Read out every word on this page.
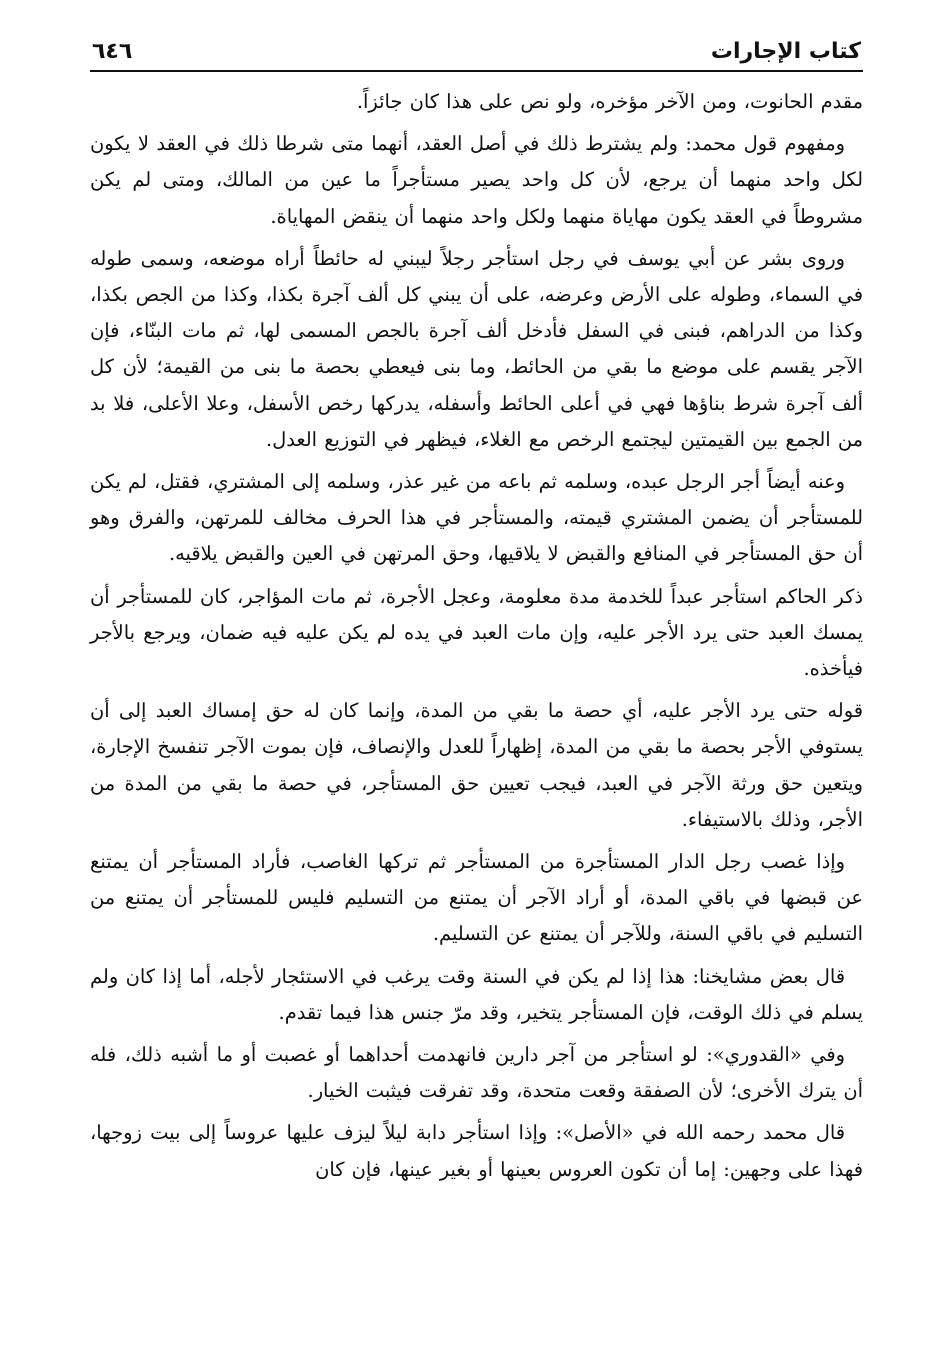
كتاب الإجارات
٦٤٦

مقدم الحانوت، ومن الآخر مؤخره، ولو نص على هذا كان جائزاً.

ومفهوم قول محمد: ولم يشترط ذلك في أصل العقد، أنهما متى شرطا ذلك في العقد لا يكون لكل واحد منهما أن يرجع، لأن كل واحد يصير مستأجراً ما عين من المالك، ومتى لم يكن مشروطاً في العقد يكون مهاياة منهما ولكل واحد منهما أن ينقض المهاياة.

وروى بشر عن أبي يوسف في رجل استأجر رجلاً ليبني له حائطاً أراه موضعه، وسمى طوله في السماء، وطوله على الأرض وعرضه، على أن يبني كل ألف آجرة بكذا، وكذا من الجص بكذا، وكذا من الدراهم، فبنى في السفل فأدخل ألف آجرة بالجص المسمى لها، ثم مات البنّاء، فإن الآجر يقسم على موضع ما بقي من الحائط، وما بنى فيعطي بحصة ما بنى من القيمة؛ لأن كل ألف آجرة شرط بناؤها فهي في أعلى الحائط وأسفله، يدركها رخص الأسفل، وعلا الأعلى، فلا بد من الجمع بين القيمتين ليجتمع الرخص مع الغلاء، فيظهر في التوزيع العدل.

وعنه أيضاً أجر الرجل عبده، وسلمه ثم باعه من غير عذر، وسلمه إلى المشتري، فقتل، لم يكن للمستأجر أن يضمن المشتري قيمته، والمستأجر في هذا الحرف مخالف للمرتهن، والفرق وهو أن حق المستأجر في المنافع والقبض لا يلاقيها، وحق المرتهن في العين والقبض يلاقيه.

ذكر الحاكم استأجر عبداً للخدمة مدة معلومة، وعجل الأجرة، ثم مات المؤاجر، كان للمستأجر أن يمسك العبد حتى يرد الأجر عليه، وإن مات العبد في يده لم يكن عليه فيه ضمان، ويرجع بالأجر فيأخذه.

قوله حتى يرد الأجر عليه، أي حصة ما بقي من المدة، وإنما كان له حق إمساك العبد إلى أن يستوفي الأجر بحصة ما بقي من المدة، إظهاراً للعدل والإنصاف، فإن بموت الآجر تنفسخ الإجارة، ويتعين حق ورثة الآجر في العبد، فيجب تعيين حق المستأجر، في حصة ما بقي من المدة من الأجر، وذلك بالاستيفاء.

وإذا غصب رجل الدار المستأجرة من المستأجر ثم تركها الغاصب، فأراد المستأجر أن يمتنع عن قبضها في باقي المدة، أو أراد الآجر أن يمتنع من التسليم فليس للمستأجر أن يمتنع من التسليم في باقي السنة، وللآجر أن يمتنع عن التسليم.

قال بعض مشايخنا: هذا إذا لم يكن في السنة وقت يرغب في الاستئجار لأجله، أما إذا كان ولم يسلم في ذلك الوقت، فإن المستأجر يتخير، وقد مرّ جنس هذا فيما تقدم.

وفي «القدوري»: لو استأجر من آجر دارين فانهدمت أحداهما أو غصبت أو ما أشبه ذلك، فله أن يترك الأخرى؛ لأن الصفقة وقعت متحدة، وقد تفرقت فيثبت الخيار.

قال محمد رحمه الله في «الأصل»: وإذا استأجر دابة ليلاً ليزف عليها عروساً إلى بيت زوجها، فهذا على وجهين: إما أن تكون العروس بعينها أو بغير عينها، فإن كان
